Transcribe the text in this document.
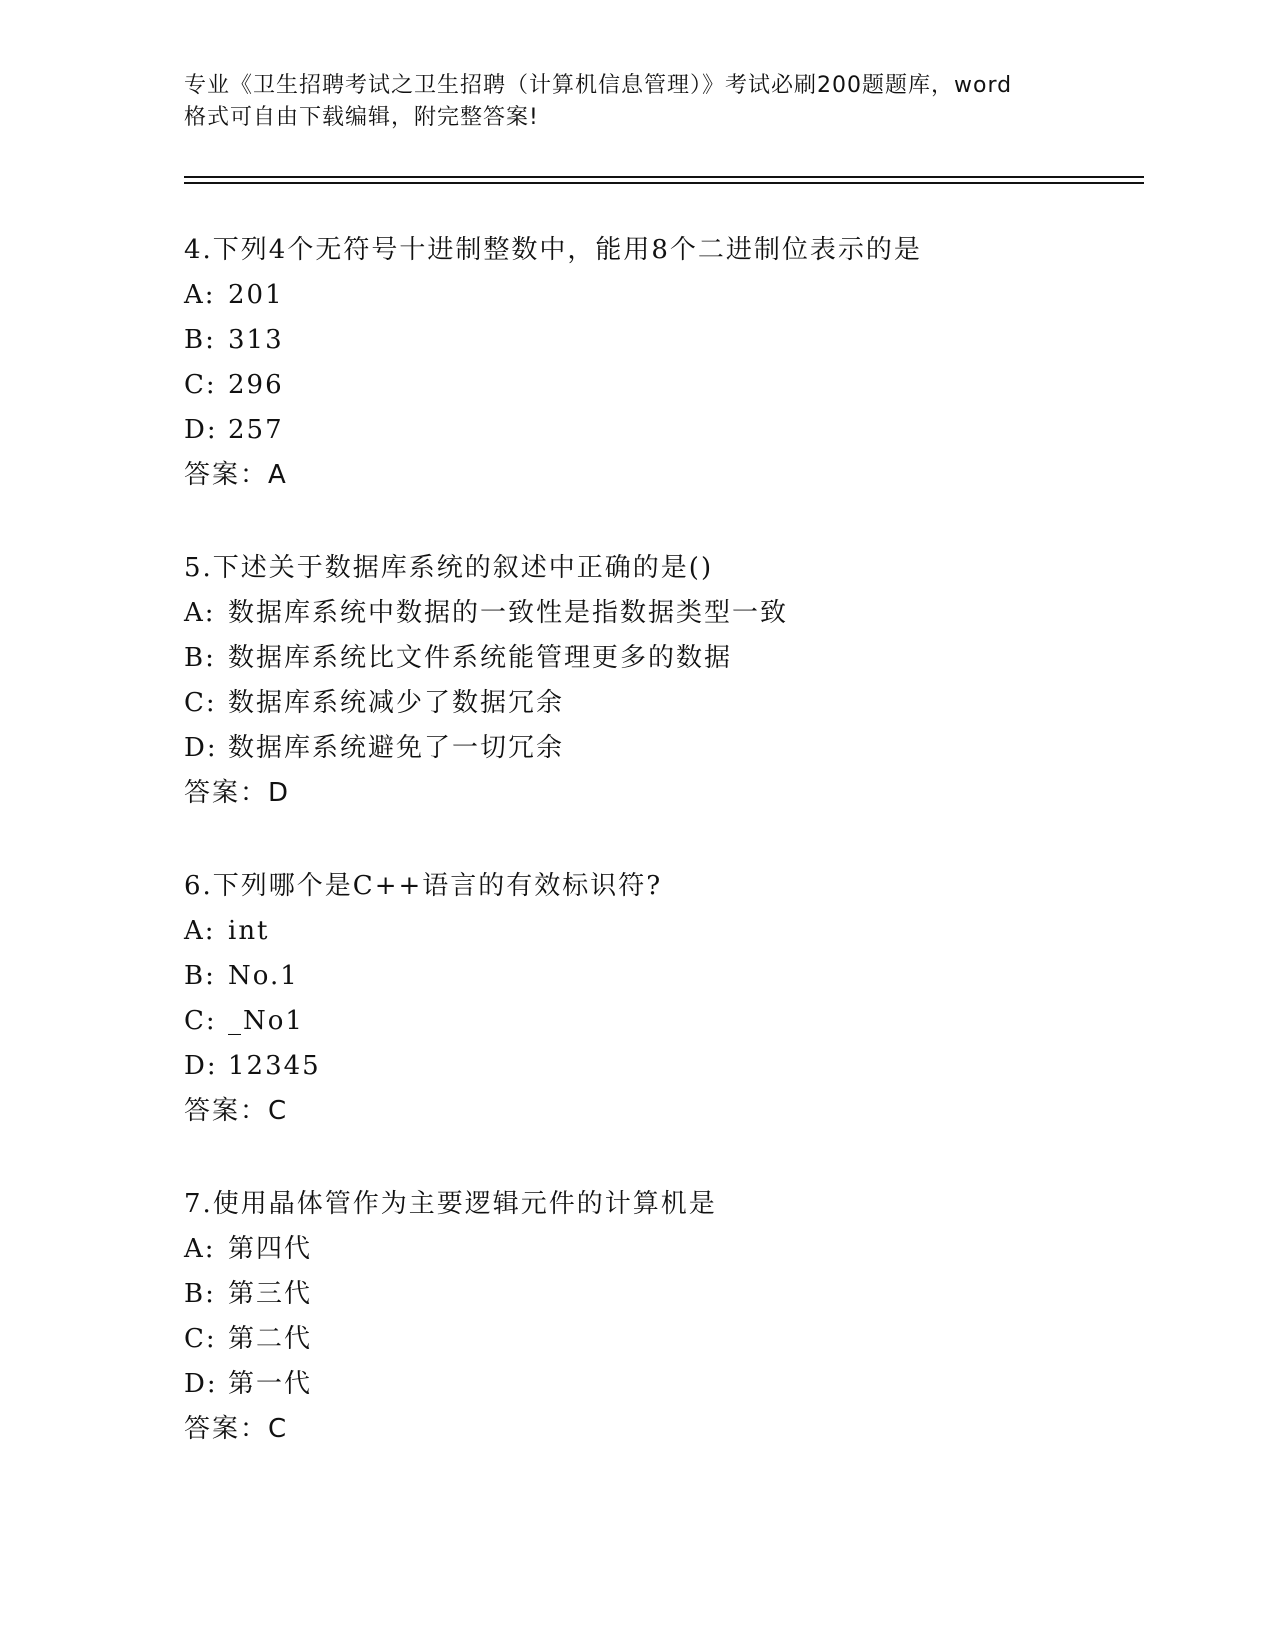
专业《卫生招聘考试之卫生招聘（计算机信息管理）》考试必刷200题题库，word
格式可自由下载编辑，附完整答案!
4.下列4个无符号十进制整数中，能用8个二进制位表示的是
A: 201
B: 313
C: 296
D: 257
答案：A
5.下述关于数据库系统的叙述中正确的是()
A: 数据库系统中数据的一致性是指数据类型一致
B: 数据库系统比文件系统能管理更多的数据
C: 数据库系统减少了数据冗余
D: 数据库系统避免了一切冗余
答案：D
6.下列哪个是C++语言的有效标识符?
A: int
B: No.1
C: _No1
D: 12345
答案：C
7.使用晶体管作为主要逻辑元件的计算机是
A: 第四代
B: 第三代
C: 第二代
D: 第一代
答案：C
